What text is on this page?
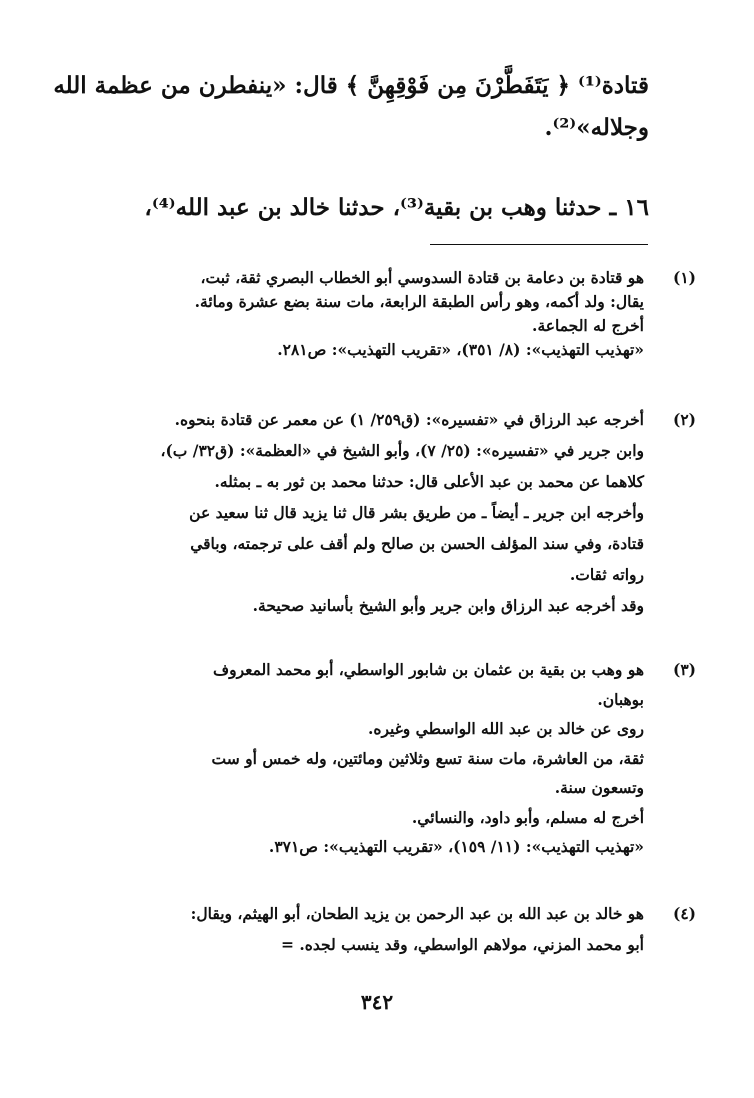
قتادة⁽¹⁾ ﴿ يَتَفَطَّرْنَ مِن فَوْقِهِنَّ ﴾ قال: «ينفطرن من عظمة الله
وجلاله»⁽²⁾.
١٦ ـ حدثنا وهب بن بقية⁽³⁾، حدثنا خالد بن عبد الله⁽⁴⁾،
(١)
هو قتادة بن دعامة بن قتادة السدوسي أبو الخطاب البصري ثقة، ثبت،
يقال: ولد أكمه، وهو رأس الطبقة الرابعة، مات سنة بضع عشرة ومائة.
أخرج له الجماعة.
«تهذيب التهذيب»: (٨/ ٣٥١)، «تقريب التهذيب»: ص٢٨١.
(٢)
أخرجه عبد الرزاق في «تفسيره»: (ق٢٥٩/ ١) عن معمر عن قتادة بنحوه.
وابن جرير في «تفسيره»: (٢٥/ ٧)، وأبو الشيخ في «العظمة»: (ق٣٢/ ب)،
كلاهما عن محمد بن عبد الأعلى قال: حدثنا محمد بن ثور به ـ بمثله.
وأخرجه ابن جرير ـ أيضاً ـ من طريق بشر قال ثنا يزيد قال ثنا سعيد عن
قتادة، وفي سند المؤلف الحسن بن صالح ولم أقف على ترجمته، وباقي
رواته ثقات.
وقد أخرجه عبد الرزاق وابن جرير وأبو الشيخ بأسانيد صحيحة.
(٣)
هو وهب بن بقية بن عثمان بن شابور الواسطي، أبو محمد المعروف
بوهبان.
روى عن خالد بن عبد الله الواسطي وغيره.
ثقة، من العاشرة، مات سنة تسع وثلاثين ومائتين، وله خمس أو ست
وتسعون سنة.
أخرج له مسلم، وأبو داود، والنسائي.
«تهذيب التهذيب»: (١١/ ١٥٩)، «تقريب التهذيب»: ص٣٧١.
(٤)
هو خالد بن عبد الله بن عبد الرحمن بن يزيد الطحان، أبو الهيثم، ويقال:
أبو محمد المزني، مولاهم الواسطي، وقد ينسب لجده. =
٣٤٢
